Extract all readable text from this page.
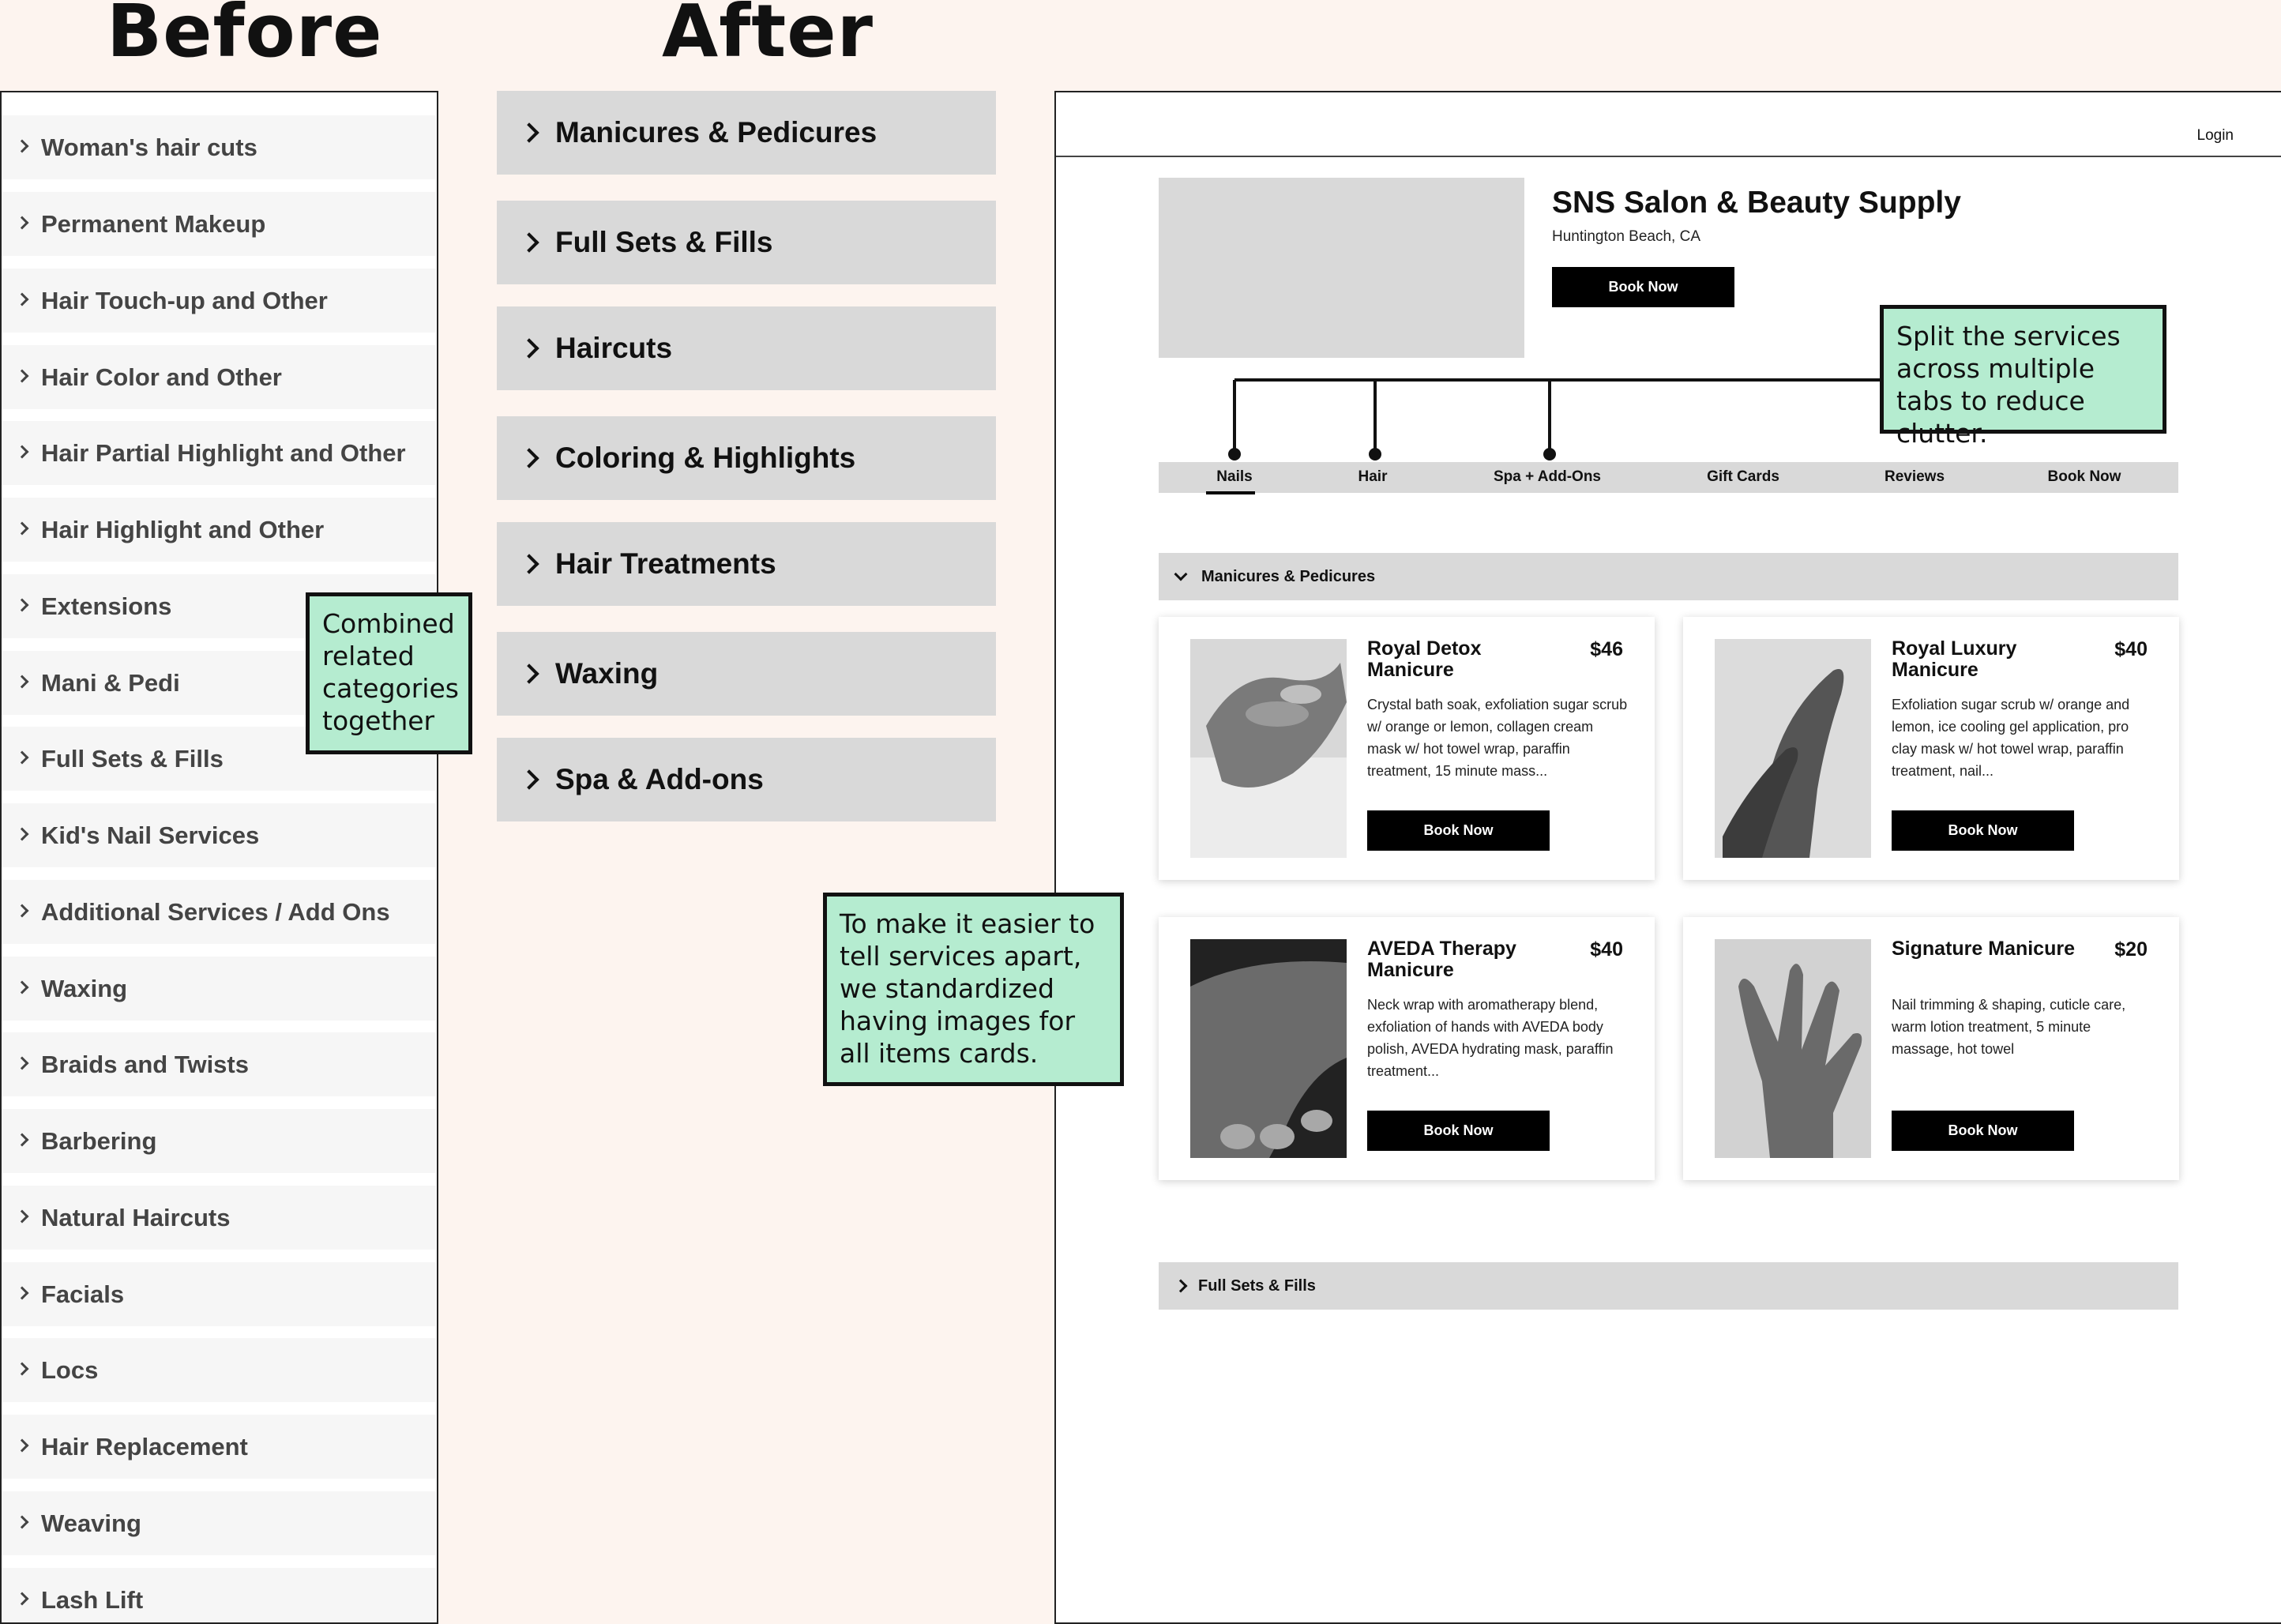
Before	After
Woman's hair cuts
Permanent Makeup
Hair Touch-up and Other
Hair Color and Other
Hair Partial Highlight and Other
Hair Highlight and Other
Extensions
Mani & Pedi
Full Sets & Fills
Kid's Nail Services
Additional Services / Add Ons
Waxing
Braids and Twists
Barbering
Natural Haircuts
Facials
Locs
Hair Replacement
Weaving
Lash Lift
Manicures & Pedicures
Full Sets & Fills
Haircuts
Coloring & Highlights
Hair Treatments
Waxing
Spa & Add-ons
Login
SNS Salon & Beauty Supply
Huntington Beach, CA
Book Now
Nails	Hair	Spa + Add-Ons	Gift Cards	Reviews	Book Now
Manicures & Pedicures
Royal Detox Manicure
$46
Crystal bath soak, exfoliation sugar scrub w/ orange or lemon, collagen cream mask w/ hot towel wrap, paraffin treatment, 15 minute mass...
Book Now
Royal Luxury Manicure
$40
Exfoliation sugar scrub w/ orange and lemon, ice cooling gel application, pro clay mask w/ hot towel wrap, paraffin treatment, nail...
Book Now
AVEDA Therapy Manicure
$40
Neck wrap with aromatherapy blend, exfoliation of hands with AVEDA body polish, AVEDA hydrating mask, paraffin treatment...
Book Now
Signature Manicure	$20
Nail trimming & shaping, cuticle care, warm lotion treatment, 5 minute massage, hot towel
Book Now
Full Sets & Fills
Combined related categories together
To make it easier to tell services apart, we standardized having images for all items cards.
Split the services across multiple tabs to reduce clutter.
